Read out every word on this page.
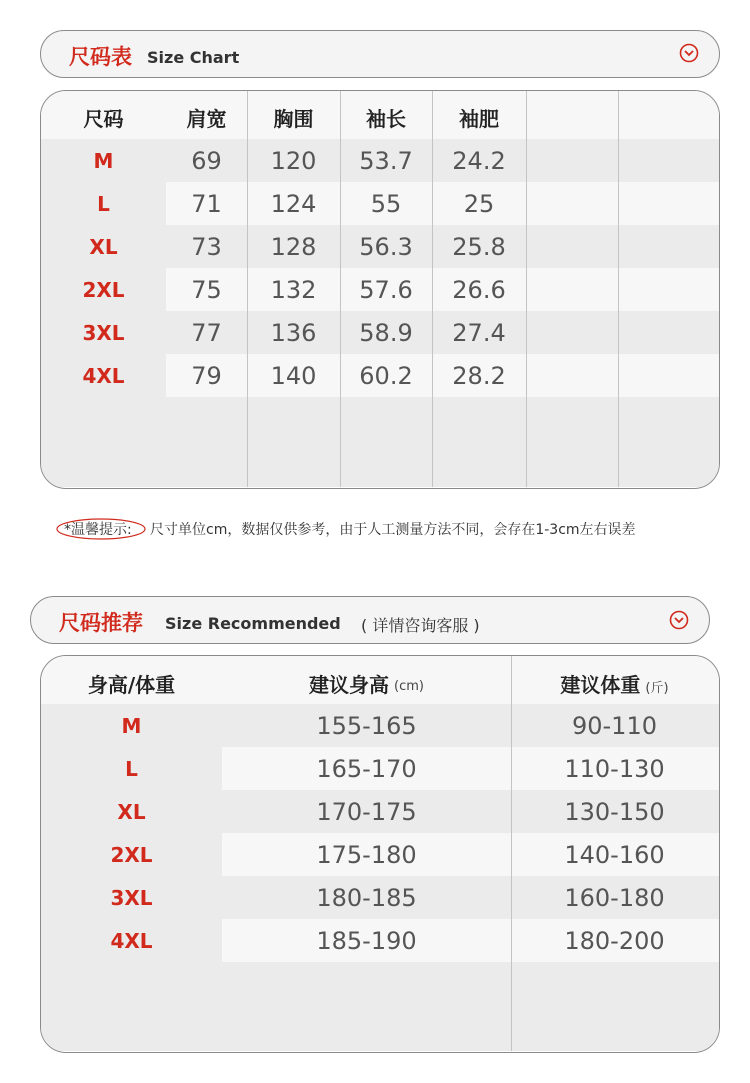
尺码表 Size Chart
尺码	肩宽	胸围	袖长	袖肥
M	69	120	53.7	24.2
L	71	124	55	25
XL	73	128	56.3	25.8
2XL	75	132	57.6	26.6
3XL	77	136	58.9	27.4
4XL	79	140	60.2	28.2
*温馨提示: 尺寸单位cm，数据仅供参考，由于人工测量方法不同，会存在1-3cm左右误差
尺码推荐 Size Recommended ( 详情咨询客服 )
身高/体重	建议身高 (cm)	建议体重 (斤)
M	155-165	90-110
L	165-170	110-130
XL	170-175	130-150
2XL	175-180	140-160
3XL	180-185	160-180
4XL	185-190	180-200
